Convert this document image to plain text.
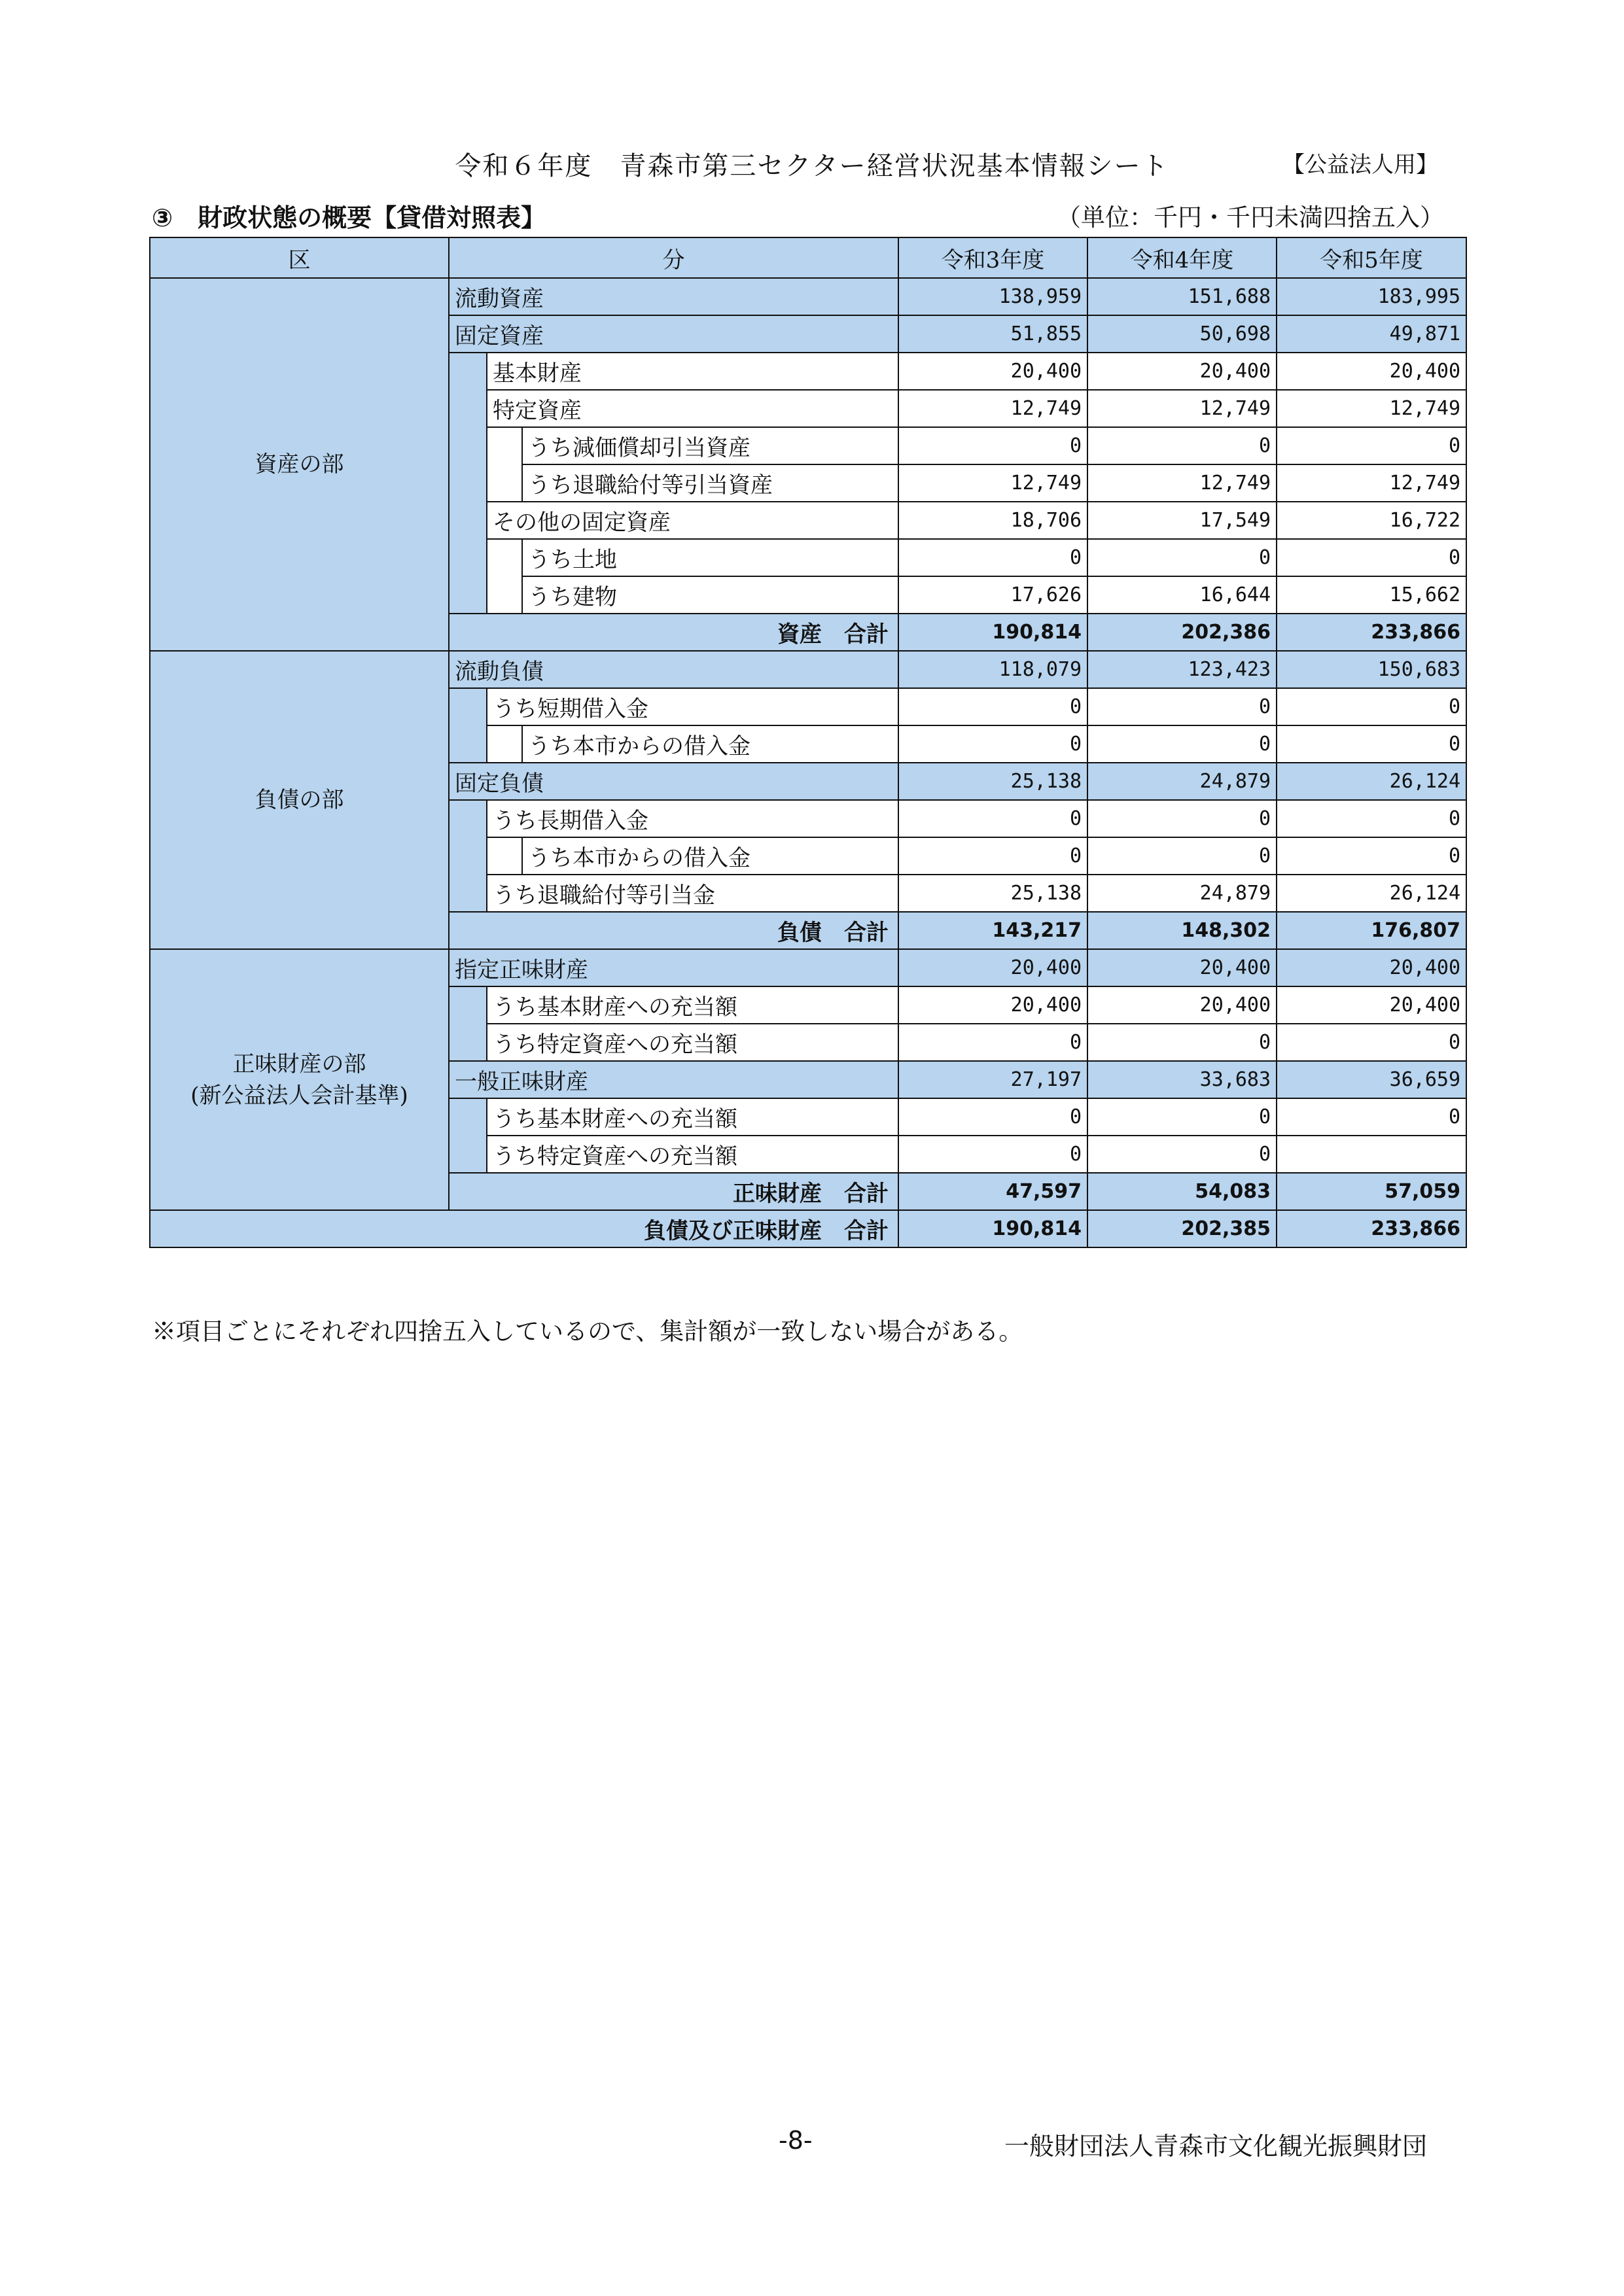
令和６年度　青森市第三セクター経営状況基本情報シート	【公益法人用】
③　財政状態の概要【貸借対照表】	（単位：千円・千円未満四捨五入）
区	分			令和3年度	令和4年度	令和5年度
資産の部	流動資産			138,959	151,688	183,995
	固定資産			51,855	50,698	49,871
		基本財産		20,400	20,400	20,400
		特定資産		12,749	12,749	12,749
			うち減価償却引当資産	0	0	0
			うち退職給付等引当資産	12,749	12,749	12,749
		その他の固定資産		18,706	17,549	16,722
			うち土地	0	0	0
			うち建物	17,626	16,644	15,662
	資産　合計			190,814	202,386	233,866
負債の部	流動負債			118,079	123,423	150,683
		うち短期借入金		0	0	0
			うち本市からの借入金	0	0	0
	固定負債			25,138	24,879	26,124
		うち長期借入金		0	0	0
			うち本市からの借入金	0	0	0
		うち退職給付等引当金		25,138	24,879	26,124
	負債　合計			143,217	148,302	176,807

正味財産の部
(新公益法人会計基準)	指定正味財産			20,400	20,400	20,400
		うち基本財産への充当額		20,400	20,400	20,400
		うち特定資産への充当額		0	0	0
	一般正味財産			27,197	33,683	36,659
		うち基本財産への充当額		0	0	0
		うち特定資産への充当額		0	0	
	正味財産　合計			47,597	54,083	57,059
負債及び正味財産　合計				190,814	202,385	233,866
※項目ごとにそれぞれ四捨五入しているので、集計額が一致しない場合がある。
-8-	一般財団法人青森市文化観光振興財団
